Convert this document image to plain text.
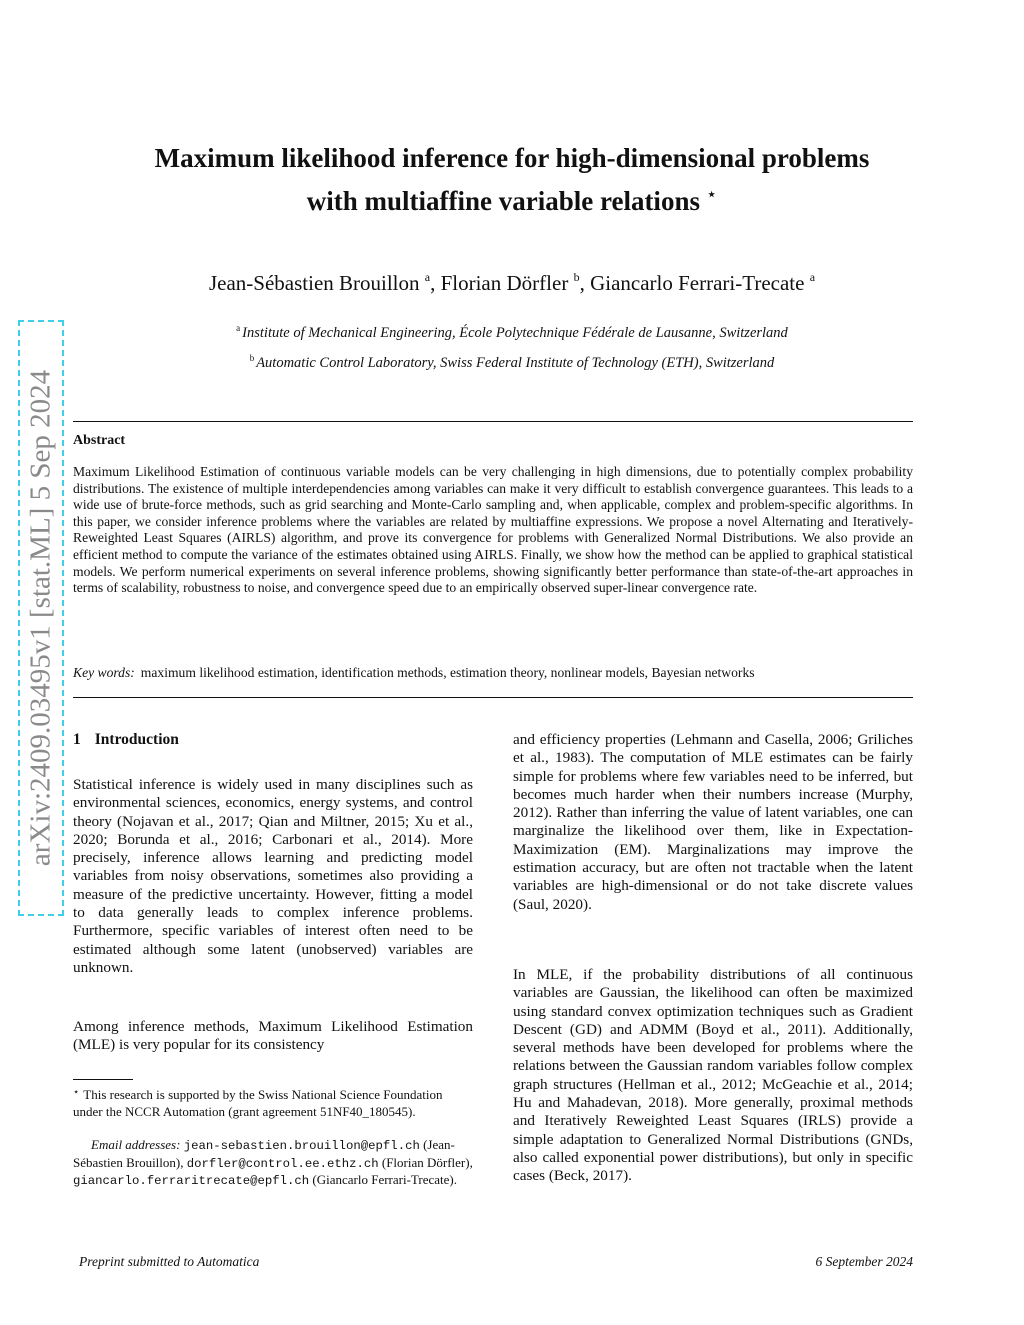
arXiv:2409.03495v1 [stat.ML] 5 Sep 2024
Maximum likelihood inference for high-dimensional problems
with multiaffine variable relations ⋆
Jean-Sébastien Brouillon $^a$, Florian Dörfler $^b$, Giancarlo Ferrari-Trecate $^a$
$^a$ Institute of Mechanical Engineering, École Polytechnique Fédérale de Lausanne, Switzerland
$^b$ Automatic Control Laboratory, Swiss Federal Institute of Technology (ETH), Switzerland
Abstract

Maximum Likelihood Estimation of continuous variable models can be very challenging in high dimensions, due to potentially complex probability distributions. The existence of multiple interdependencies among variables can make it very difficult to establish convergence guarantees. This leads to a wide use of brute-force methods, such as grid searching and Monte-Carlo sampling and, when applicable, complex and problem-specific algorithms. In this paper, we consider inference problems where the variables are related by multiaffine expressions. We propose a novel Alternating and Iteratively-Reweighted Least Squares (AIRLS) algorithm, and prove its convergence for problems with Generalized Normal Distributions. We also provide an efficient method to compute the variance of the estimates obtained using AIRLS. Finally, we show how the method can be applied to graphical statistical models. We perform numerical experiments on several inference problems, showing significantly better performance than state-of-the-art approaches in terms of scalability, robustness to noise, and convergence speed due to an empirically observed super-linear convergence rate.

Key words: maximum likelihood estimation, identification methods, estimation theory, nonlinear models, Bayesian networks
1 Introduction

Statistical inference is widely used in many disciplines such as environmental sciences, economics, energy systems, and control theory (Nojavan et al., 2017; Qian and Miltner, 2015; Xu et al., 2020; Borunda et al., 2016; Carbonari et al., 2014). More precisely, inference allows learning and predicting model variables from noisy observations, sometimes also providing a measure of the predictive uncertainty. However, fitting a model to data generally leads to complex inference problems. Furthermore, specific variables of interest often need to be estimated although some latent (unobserved) variables are unknown.

Among inference methods, Maximum Likelihood Estimation (MLE) is very popular for its consistency

⋆ This research is supported by the Swiss National Science Foundation under the NCCR Automation (grant agreement 51NF40_180545).

Email addresses: jean-sebastien.brouillon@epfl.ch (Jean-Sébastien Brouillon), dorfler@control.ee.ethz.ch (Florian Dörfler), giancarlo.ferraritrecate@epfl.ch (Giancarlo Ferrari-Trecate).

and efficiency properties (Lehmann and Casella, 2006; Griliches et al., 1983). The computation of MLE estimates can be fairly simple for problems where few variables need to be inferred, but becomes much harder when their numbers increase (Murphy, 2012). Rather than inferring the value of latent variables, one can marginalize the likelihood over them, like in Expectation-Maximization (EM). Marginalizations may improve the estimation accuracy, but are often not tractable when the latent variables are high-dimensional or do not take discrete values (Saul, 2020).

In MLE, if the probability distributions of all continuous variables are Gaussian, the likelihood can often be maximized using standard convex optimization techniques such as Gradient Descent (GD) and ADMM (Boyd et al., 2011). Additionally, several methods have been developed for problems where the relations between the Gaussian random variables follow complex graph structures (Hellman et al., 2012; McGeachie et al., 2014; Hu and Mahadevan, 2018). More generally, proximal methods and Iteratively Reweighted Least Squares (IRLS) provide a simple adaptation to Generalized Normal Distributions (GNDs, also called exponential power distributions), but only in specific cases (Beck, 2017).

Preprint submitted to Automatica	6 September 2024
